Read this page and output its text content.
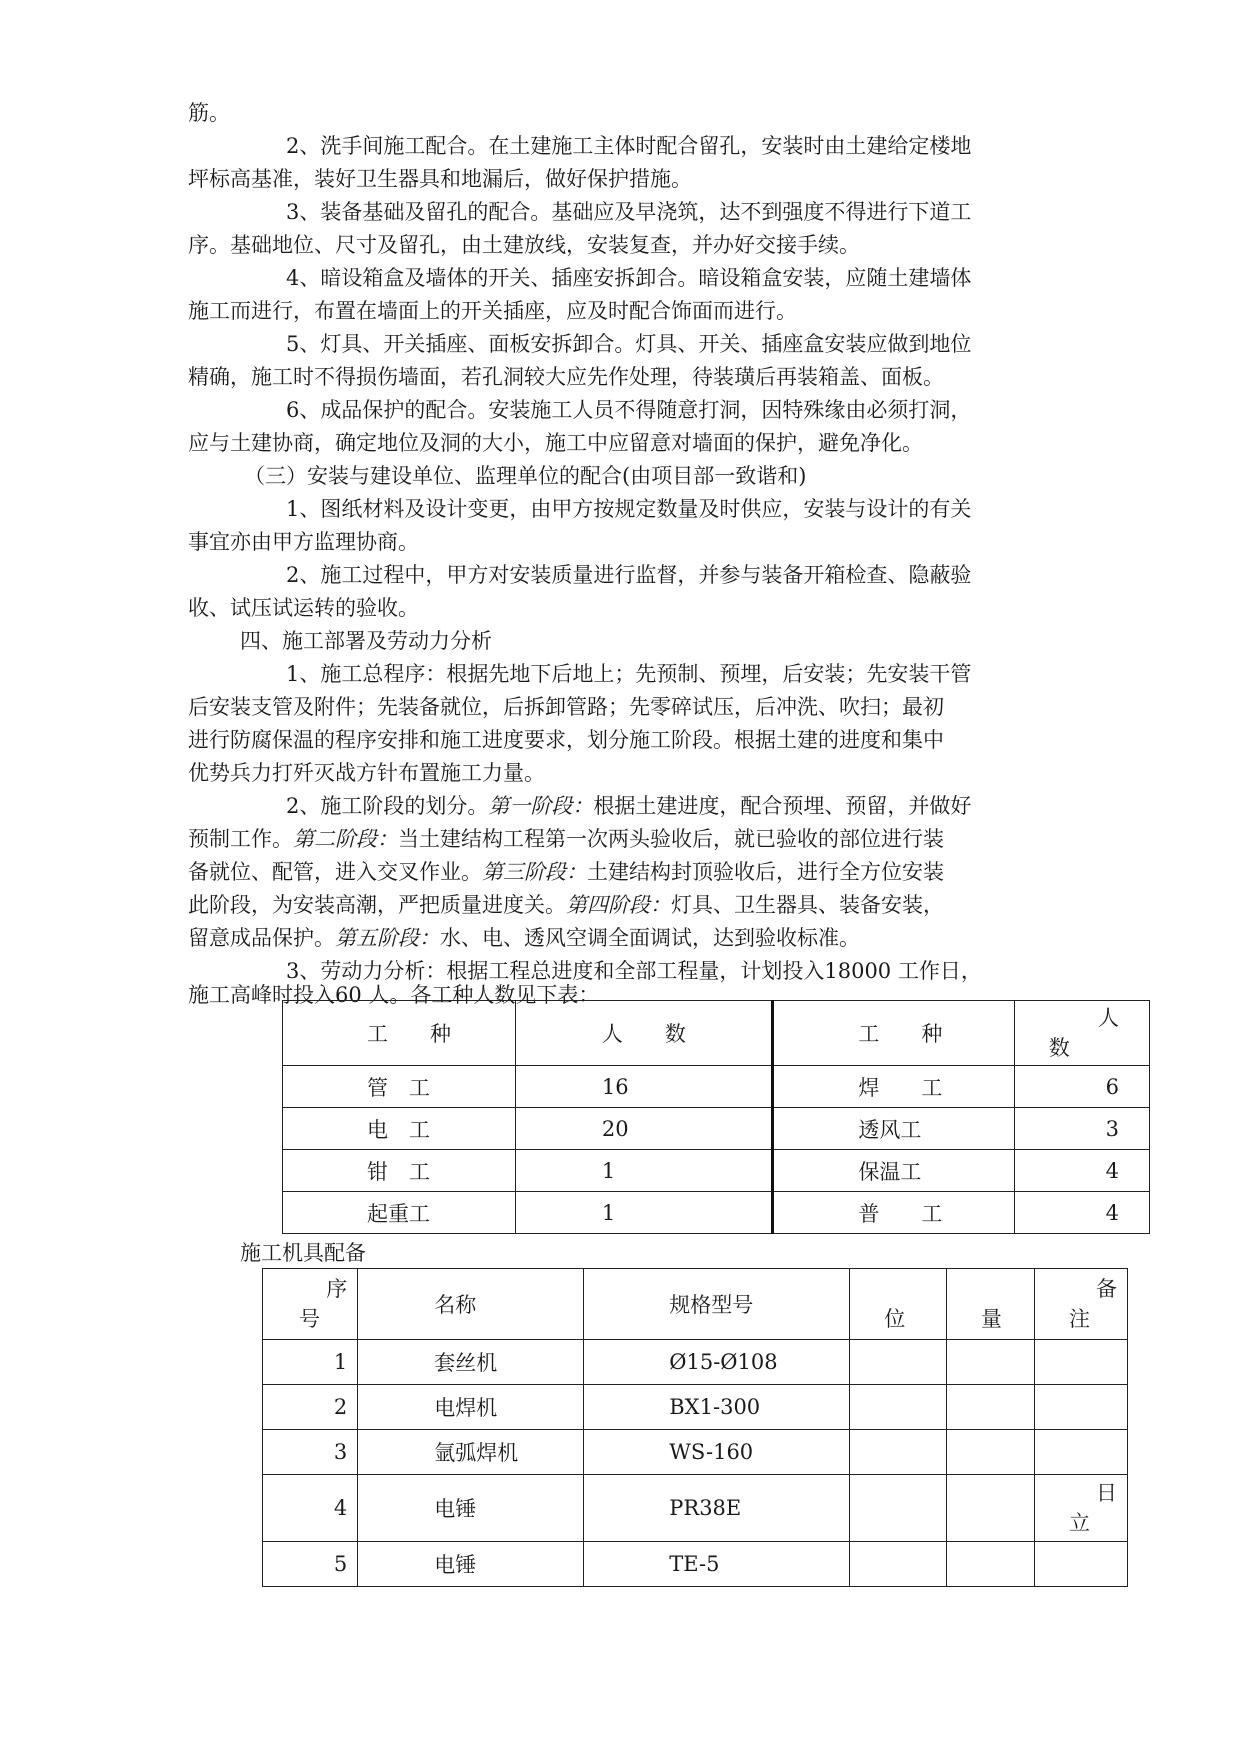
筋。
2、洗手间施工配合。在土建施工主体时配合留孔，安装时由土建给定楼地
坪标高基准，装好卫生器具和地漏后，做好保护措施。
3、装备基础及留孔的配合。基础应及早浇筑，达不到强度不得进行下道工
序。基础地位、尺寸及留孔，由土建放线，安装复查，并办好交接手续。
4、暗设箱盒及墙体的开关、插座安拆卸合。暗设箱盒安装，应随土建墙体
施工而进行，布置在墙面上的开关插座，应及时配合饰面而进行。
5、灯具、开关插座、面板安拆卸合。灯具、开关、插座盒安装应做到地位
精确，施工时不得损伤墙面，若孔洞较大应先作处理，待装璜后再装箱盖、面板。
6、成品保护的配合。安装施工人员不得随意打洞，因特殊缘由必须打洞，
应与土建协商，确定地位及洞的大小，施工中应留意对墙面的保护，避免净化。
（三）安装与建设单位、监理单位的配合(由项目部一致谐和)
1、图纸材料及设计变更，由甲方按规定数量及时供应，安装与设计的有关
事宜亦由甲方监理协商。
2、施工过程中，甲方对安装质量进行监督，并参与装备开箱检查、隐蔽验
收、试压试运转的验收。
四、施工部署及劳动力分析
1、施工总程序：根据先地下后地上；先预制、预埋，后安装；先安装干管
后安装支管及附件；先装备就位，后拆卸管路；先零碎试压，后冲洗、吹扫；最初
进行防腐保温的程序安排和施工进度要求，划分施工阶段。根据土建的进度和集中
优势兵力打歼灭战方针布置施工力量。
2、施工阶段的划分。第一阶段：根据土建进度，配合预埋、预留，并做好
预制工作。第二阶段：当土建结构工程第一次两头验收后，就已验收的部位进行装
备就位、配管，进入交叉作业。第三阶段：土建结构封顶验收后，进行全方位安装
此阶段，为安装高潮，严把质量进度关。第四阶段：灯具、卫生器具、装备安装，
留意成品保护。第五阶段：水、电、透风空调全面调试，达到验收标准。
3、劳动力分析：根据工程总进度和全部工程量，计划投入18000 工作日，
施工高峰时投入60 人。各工种人数见下表：
工　　种	人　　数	工　　种	人
数

管　工	16	焊　　工	6
电　工	20	透风工	3
钳　工	1	保温工	4
起重工	1	普　　工	4
施工机具配备
序
号	名称	规格型号	位	量	备
注

1	套丝机	Ø15-Ø108			
2	电焊机	BX1-300			
3	氩弧焊机	WS-160			
4	电锤	PR38E			日
立

5	电锤	TE-5			
